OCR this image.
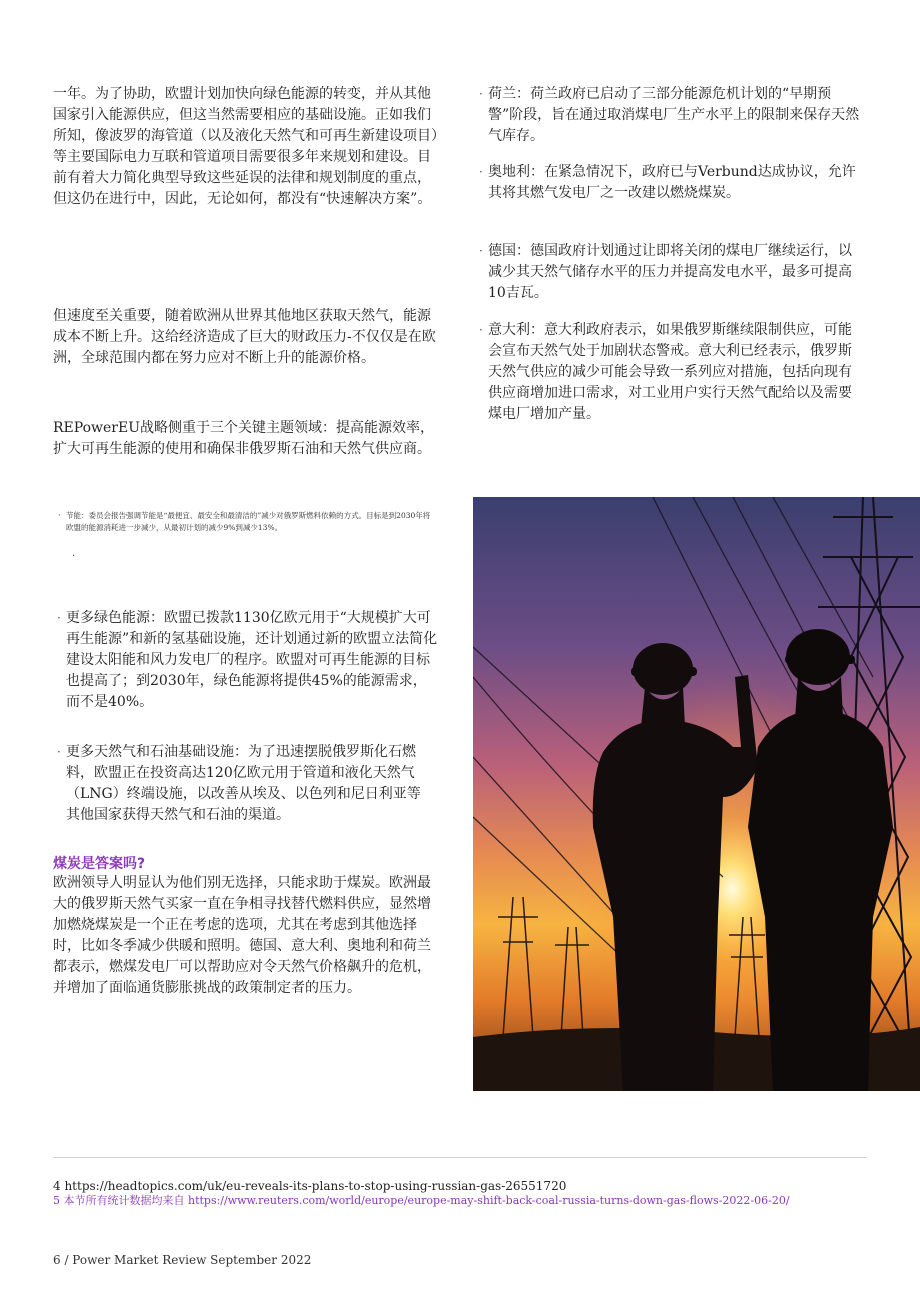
一年。为了协助，欧盟计划加快向绿色能源的转变，并从其他国家引入能源供应，但这当然需要相应的基础设施。正如我们所知，像波罗的海管道（以及液化天然气和可再生新建设项目）等主要国际电力互联和管道项目需要很多年来规划和建设。目前有着大力简化典型导致这些延误的法律和规划制度的重点，但这仍在进行中，因此，无论如何，都没有“快速解决方案”。

但速度至关重要，随着欧洲从世界其他地区获取天然气，能源成本不断上升。这给经济造成了巨大的财政压力-不仅仅是在欧洲，全球范围内都在努力应对不断上升的能源价格。

REPowerEU战略侧重于三个关键主题领域：提高能源效率，扩大可再生能源的使用和确保非俄罗斯石油和天然气供应商。

· 节能：委员会报告强调节能是“最便宜、最安全和最清洁的”减少对俄罗斯燃料依赖的方式。目标是到2030年将欧盟的能源消耗进一步减少，从最初计划的减少9%到减少13%。
.
· 更多绿色能源：欧盟已拨款1130亿欧元用于“大规模扩大可再生能源”和新的氢基础设施，还计划通过新的欧盟立法简化建设太阳能和风力发电厂的程序。欧盟对可再生能源的目标也提高了；到2030年，绿色能源将提供45%的能源需求，而不是40%。
· 更多天然气和石油基础设施：为了迅速摆脱俄罗斯化石燃料，欧盟正在投资高达120亿欧元用于管道和液化天然气（LNG）终端设施，以改善从埃及、以色列和尼日利亚等其他国家获得天然气和石油的渠道。
煤炭是答案吗?

欧洲领导人明显认为他们别无选择，只能求助于煤炭。欧洲最大的俄罗斯天然气买家一直在争相寻找替代燃料供应，显然增加燃烧煤炭是一个正在考虑的选项，尤其在考虑到其他选择时，比如冬季减少供暖和照明。德国、意大利、奥地利和荷兰都表示，燃煤发电厂可以帮助应对令天然气价格飙升的危机，并增加了面临通货膨胀挑战的政策制定者的压力。

· 荷兰：荷兰政府已启动了三部分能源危机计划的“早期预警”阶段，旨在通过取消煤电厂生产水平上的限制来保存天然气库存。
· 奥地利：在紧急情况下，政府已与Verbund达成协议，允许其将其燃气发电厂之一改建以燃烧煤炭。
· 德国：德国政府计划通过让即将关闭的煤电厂继续运行，以减少其天然气储存水平的压力并提高发电水平，最多可提高10吉瓦。
· 意大利：意大利政府表示，如果俄罗斯继续限制供应，可能会宣布天然气处于加剧状态警戒。意大利已经表示，俄罗斯天然气供应的减少可能会导致一系列应对措施，包括向现有供应商增加进口需求，对工业用户实行天然气配给以及需要煤电厂增加产量。

4 https://headtopics.com/uk/eu-reveals-its-plans-to-stop-using-russian-gas-26551720

5 本节所有统计数据均来自 https://www.reuters.com/world/europe/europe-may-shift-back-coal-russia-turns-down-gas-flows-2022-06-20/

6 / Power Market Review September 2022
